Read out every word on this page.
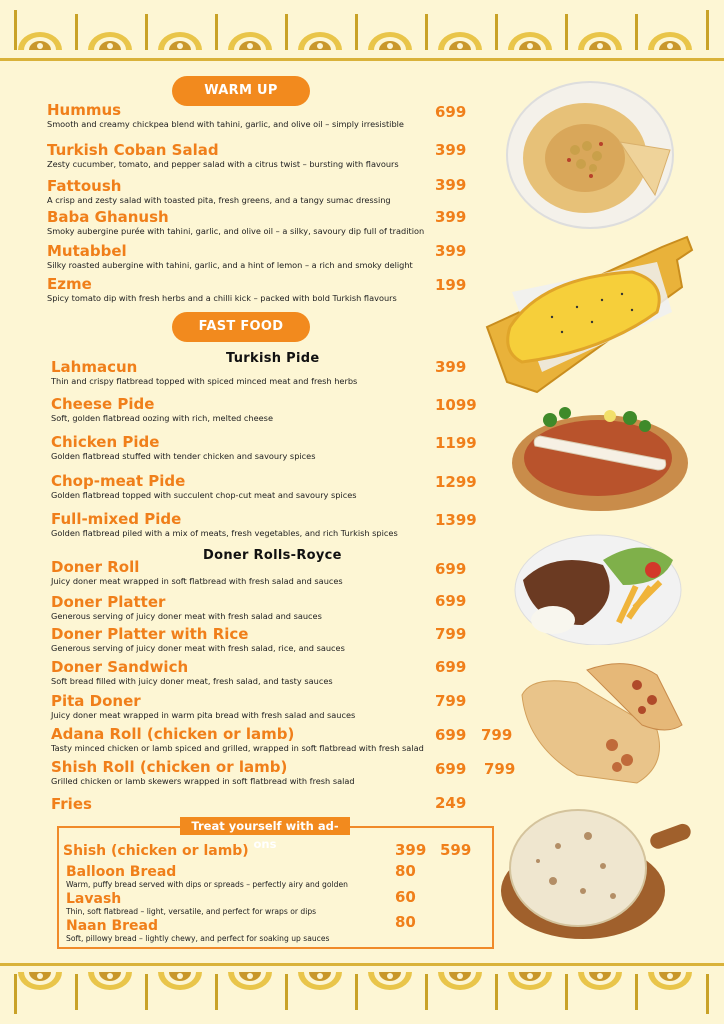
WARM UP
FAST FOOD
Hummus
Smooth and creamy chickpea blend with tahini, garlic, and olive oil – simply irresistible
699
Turkish Coban Salad
Zesty cucumber, tomato, and pepper salad with a citrus twist – bursting with flavours
399
Fattoush
A crisp and zesty salad with toasted pita, fresh greens, and a tangy sumac dressing
399
Baba Ghanush
Smoky aubergine purée with tahini, garlic, and olive oil – a silky, savoury dip full of tradition
399
Mutabbel
Silky roasted aubergine with tahini, garlic, and a hint of lemon – a rich and smoky delight
399
Ezme
Spicy tomato dip with fresh herbs and a chilli kick – packed with bold Turkish flavours
199
Turkish Pide
Lahmacun
Thin and crispy flatbread topped with spiced minced meat and fresh herbs
399
Cheese Pide
Soft, golden flatbread oozing with rich, melted cheese
1099
Chicken Pide
Golden flatbread stuffed with tender chicken and savoury spices
1199
Chop-meat Pide
Golden flatbread topped with succulent chop-cut meat and savoury spices
1299
Full-mixed Pide
Golden flatbread piled with a mix of meats, fresh vegetables, and rich Turkish spices
1399
Doner Rolls-Royce
Doner Roll
Juicy doner meat wrapped in soft flatbread with fresh salad and sauces
699
Doner Platter
Generous serving of juicy doner meat with fresh salad and sauces
699
Doner Platter with Rice
Generous serving of juicy doner meat with fresh salad, rice, and sauces
799
Doner Sandwich
Soft bread filled with juicy doner meat, fresh salad, and tasty sauces
699
Pita Doner
Juicy doner meat wrapped in warm pita bread with fresh salad and sauces
799
Adana Roll (chicken or lamb)
Tasty minced chicken or lamb spiced and grilled, wrapped in soft flatbread with fresh salad
699 799
Shish Roll (chicken or lamb)
Grilled chicken or lamb skewers wrapped in soft flatbread with fresh salad
699 799
Fries	249
Treat yourself with ad-ons
Shish (chicken or lamb)	399 599
Balloon Bread
Warm, puffy bread served with dips or spreads – perfectly airy and golden
80
Lavash
Thin, soft flatbread – light, versatile, and perfect for wraps or dips
60
Naan Bread
Soft, pillowy bread – lightly chewy, and perfect for soaking up sauces
80
